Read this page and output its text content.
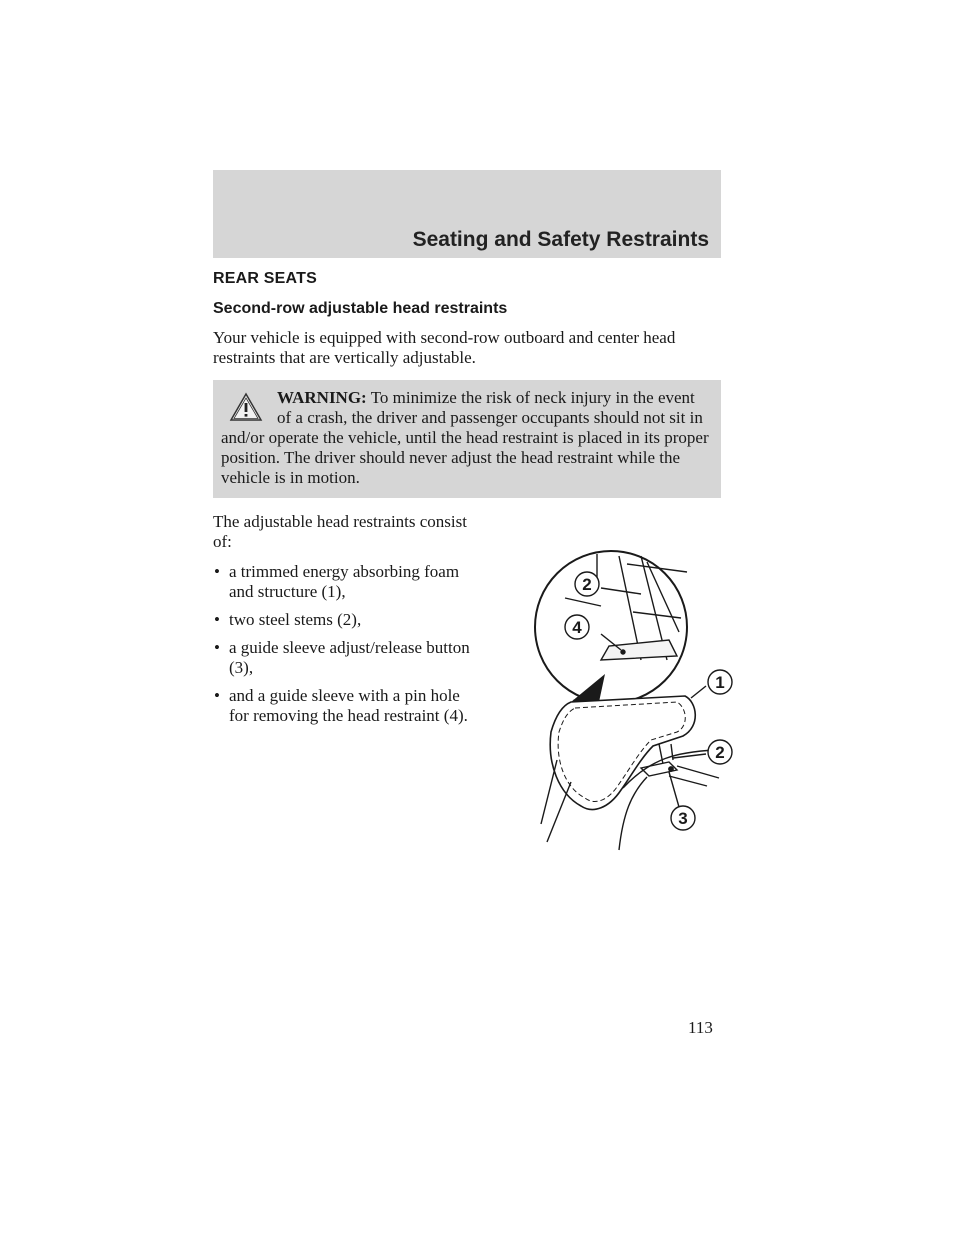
Seating and Safety Restraints
REAR SEATS
Second-row adjustable head restraints

Your vehicle is equipped with second-row outboard and center head restraints that are vertically adjustable.

WARNING: To minimize the risk of neck injury in the event of a crash, the driver and passenger occupants should not sit in and/or operate the vehicle, until the head restraint is placed in its proper position. The driver should never adjust the head restraint while the vehicle is in motion.

The adjustable head restraints consist of:

• a trimmed energy absorbing foam and structure (1),
• two steel stems (2),
• a guide sleeve adjust/release button (3),
• and a guide sleeve with a pin hole for removing the head restraint (4).
2
4
1
2
3
113
